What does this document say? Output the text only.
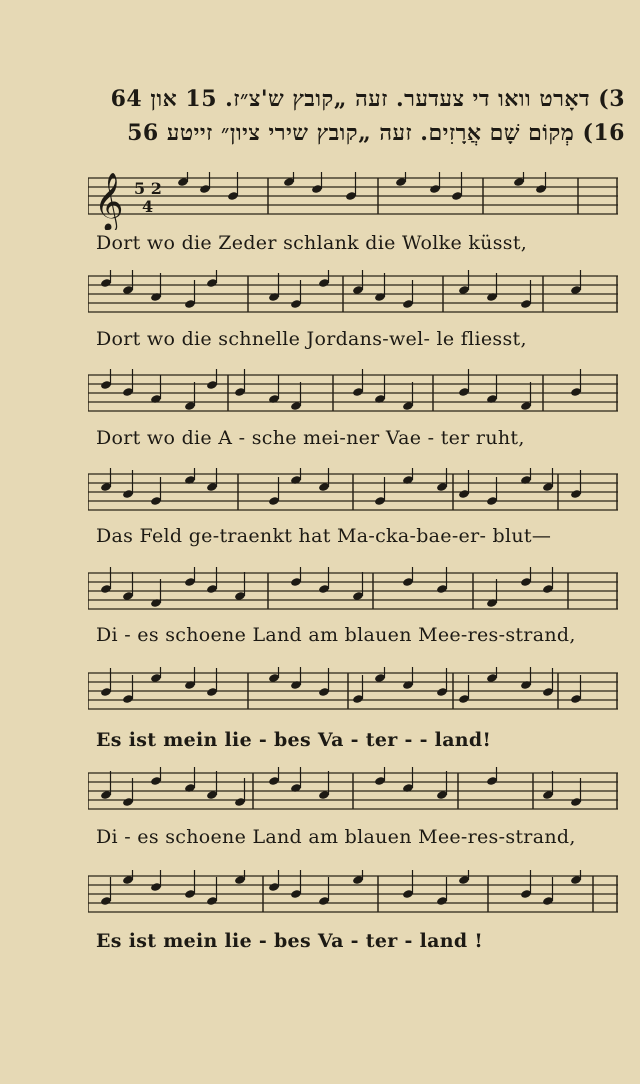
3) דאָרט וואו די צעדער. זעה „קובץ ש'צ״ז. 15 און 64
16) מְקוֹם שָׁם אֲרָזִים. זעה „קובץ שירי ציון״ זייטע 56
𝄞 5 2
4
Dort wo die Zeder schlank die Wolke küsst,
Dort wo die schnelle Jordans-wel- le fliesst,
Dort wo die A - sche mei-ner Vae - ter ruht,
Das Feld ge-traenkt hat Ma-cka-bae-er- blut—
Di - es schoene Land am blauen Mee-res-strand,
Es ist mein lie - bes Va - ter - - land!
Di - es schoene Land am blauen Mee-res-strand,
Es ist mein lie - bes Va - ter - land !
